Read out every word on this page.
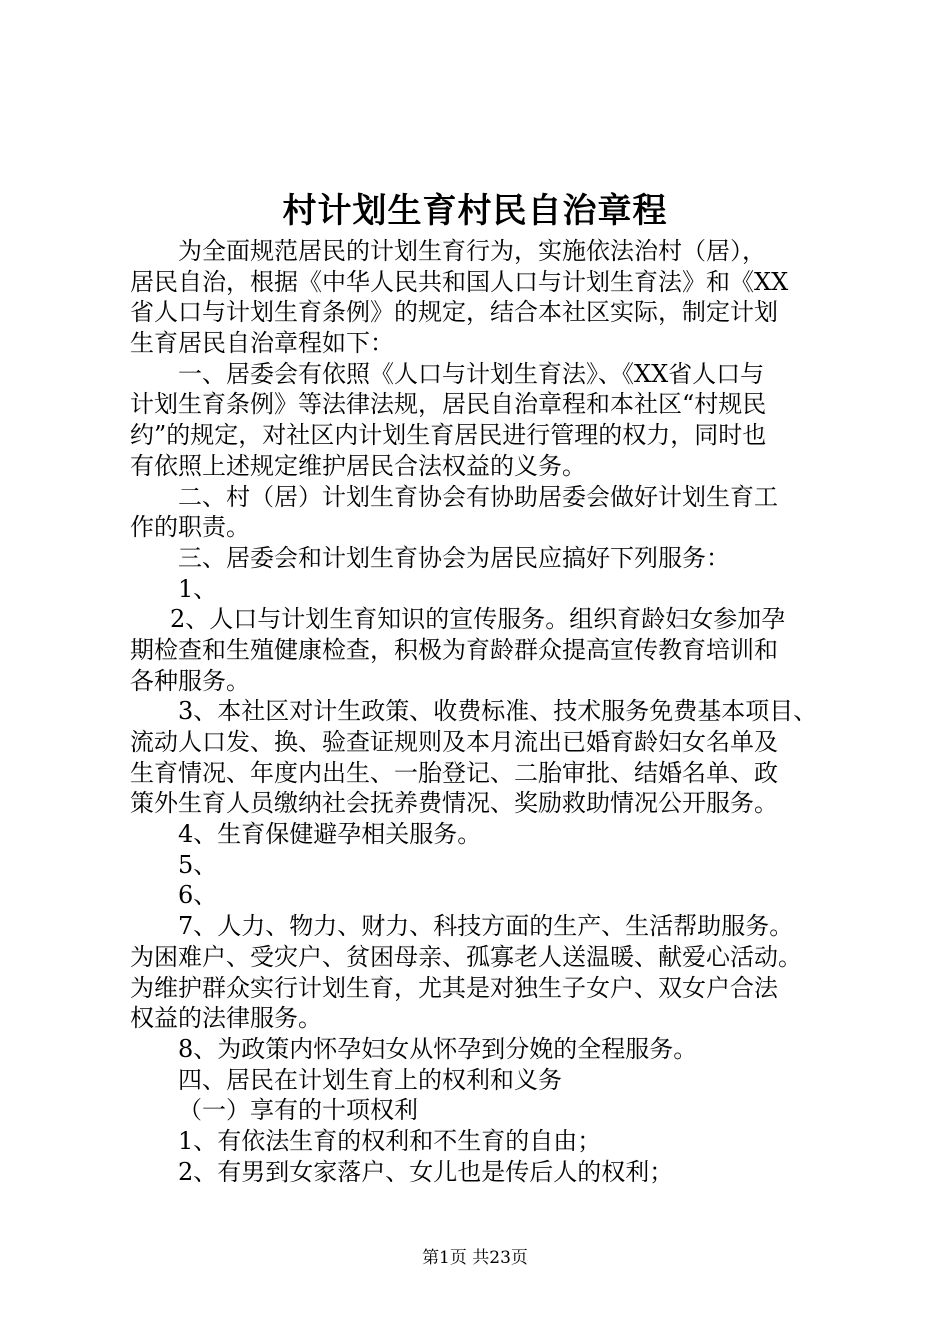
村计划生育村民自治章程
为全面规范居民的计划生育行为，实施依法治村（居），
居民自治，根据《中华人民共和国人口与计划生育法》和《XX
省人口与计划生育条例》的规定，结合本社区实际，制定计划
生育居民自治章程如下：
一、居委会有依照《人口与计划生育法》、《XX省人口与
计划生育条例》等法律法规，居民自治章程和本社区“村规民
约”的规定，对社区内计划生育居民进行管理的权力，同时也
有依照上述规定维护居民合法权益的义务。
二、村（居）计划生育协会有协助居委会做好计划生育工
作的职责。
三、居委会和计划生育协会为居民应搞好下列服务：
1、
2、人口与计划生育知识的宣传服务。组织育龄妇女参加孕
期检查和生殖健康检查，积极为育龄群众提高宣传教育培训和
各种服务。
3、本社区对计生政策、收费标准、技术服务免费基本项目、
流动人口发、换、验查证规则及本月流出已婚育龄妇女名单及
生育情况、年度内出生、一胎登记、二胎审批、结婚名单、政
策外生育人员缴纳社会抚养费情况、奖励救助情况公开服务。
4、生育保健避孕相关服务。
5、
6、
7、人力、物力、财力、科技方面的生产、生活帮助服务。
为困难户、受灾户、贫困母亲、孤寡老人送温暖、献爱心活动。
为维护群众实行计划生育，尤其是对独生子女户、双女户合法
权益的法律服务。
8、为政策内怀孕妇女从怀孕到分娩的全程服务。
四、居民在计划生育上的权利和义务
（一）享有的十项权利
1、有依法生育的权利和不生育的自由；
2、有男到女家落户、女儿也是传后人的权利；
第1页 共23页
